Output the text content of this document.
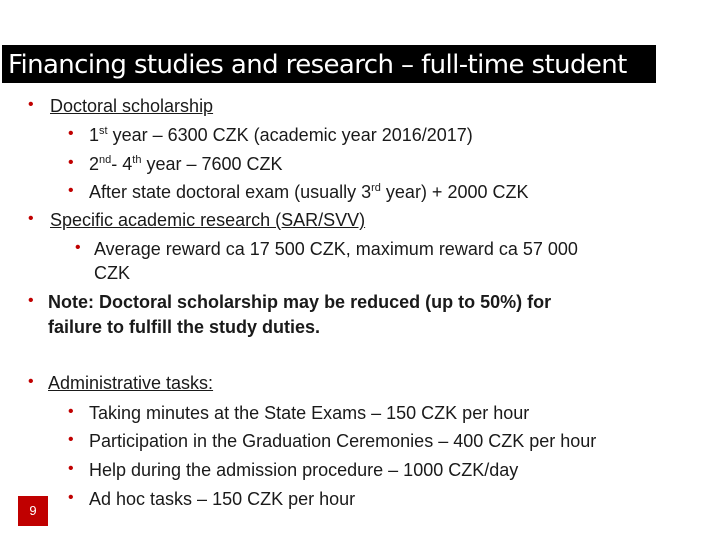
Financing studies and research – full-time student
• Doctoral scholarship
• 1st year – 6300 CZK (academic year 2016/2017)
• 2nd- 4th year – 7600 CZK
• After state doctoral exam (usually 3rd year) + 2000 CZK
• Specific academic research (SAR/SVV)
• Average reward ca 17 500 CZK, maximum reward ca 57 000
CZK
• Note: Doctoral scholarship may be reduced (up to 50%) for
failure to fulfill the study duties.
• Administrative tasks:
• Taking minutes at the State Exams – 150 CZK per hour
• Participation in the Graduation Ceremonies – 400 CZK per hour
• Help during the admission procedure – 1000 CZK/day
• Ad hoc tasks – 150 CZK per hour
9
